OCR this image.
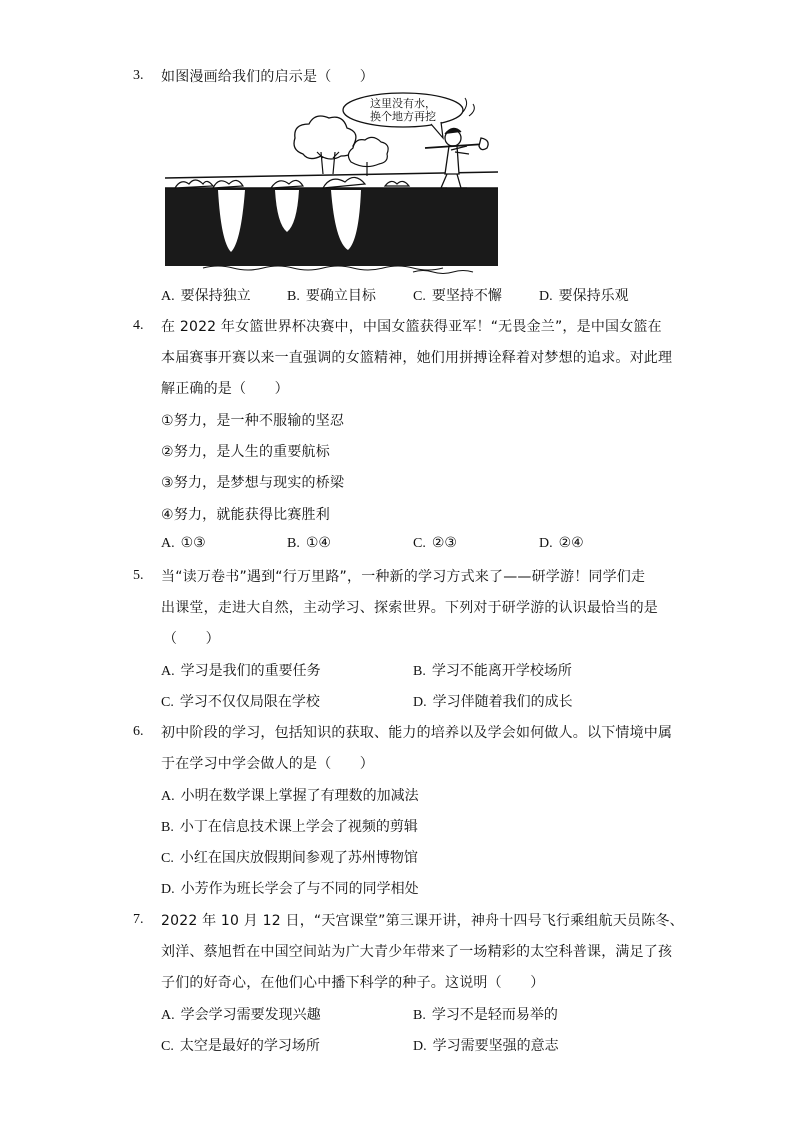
3. 如图漫画给我们的启示是（　　）
这里没有水，
换个地方再挖
A. 要保持独立	B. 要确立目标	C. 要坚持不懈	D. 要保持乐观
4. 在 2022 年女篮世界杯决赛中，中国女篮获得亚军！“无畏金兰”，是中国女篮在
本届赛事开赛以来一直强调的女篮精神，她们用拼搏诠释着对梦想的追求。对此理
解正确的是（　　）
①努力，是一种不服输的坚忍
②努力，是人生的重要航标
③努力，是梦想与现实的桥梁
④努力，就能获得比赛胜利
A. ①③	B. ①④	C. ②③	D. ②④
5. 当“读万卷书”遇到“行万里路”，一种新的学习方式来了——研学游！同学们走
出课堂，走进大自然，主动学习、探索世界。下列对于研学游的认识最恰当的是
（　　）
A. 学习是我们的重要任务	B. 学习不能离开学校场所
C. 学习不仅仅局限在学校	D. 学习伴随着我们的成长
6. 初中阶段的学习，包括知识的获取、能力的培养以及学会如何做人。以下情境中属
于在学习中学会做人的是（　　）
A. 小明在数学课上掌握了有理数的加减法
B. 小丁在信息技术课上学会了视频的剪辑
C. 小红在国庆放假期间参观了苏州博物馆
D. 小芳作为班长学会了与不同的同学相处
7. 2022 年 10 月 12 日，“天宫课堂”第三课开讲，神舟十四号飞行乘组航天员陈冬、
刘洋、蔡旭哲在中国空间站为广大青少年带来了一场精彩的太空科普课，满足了孩
子们的好奇心，在他们心中播下科学的种子。这说明（　　）
A. 学会学习需要发现兴趣	B. 学习不是轻而易举的
C. 太空是最好的学习场所	D. 学习需要坚强的意志
